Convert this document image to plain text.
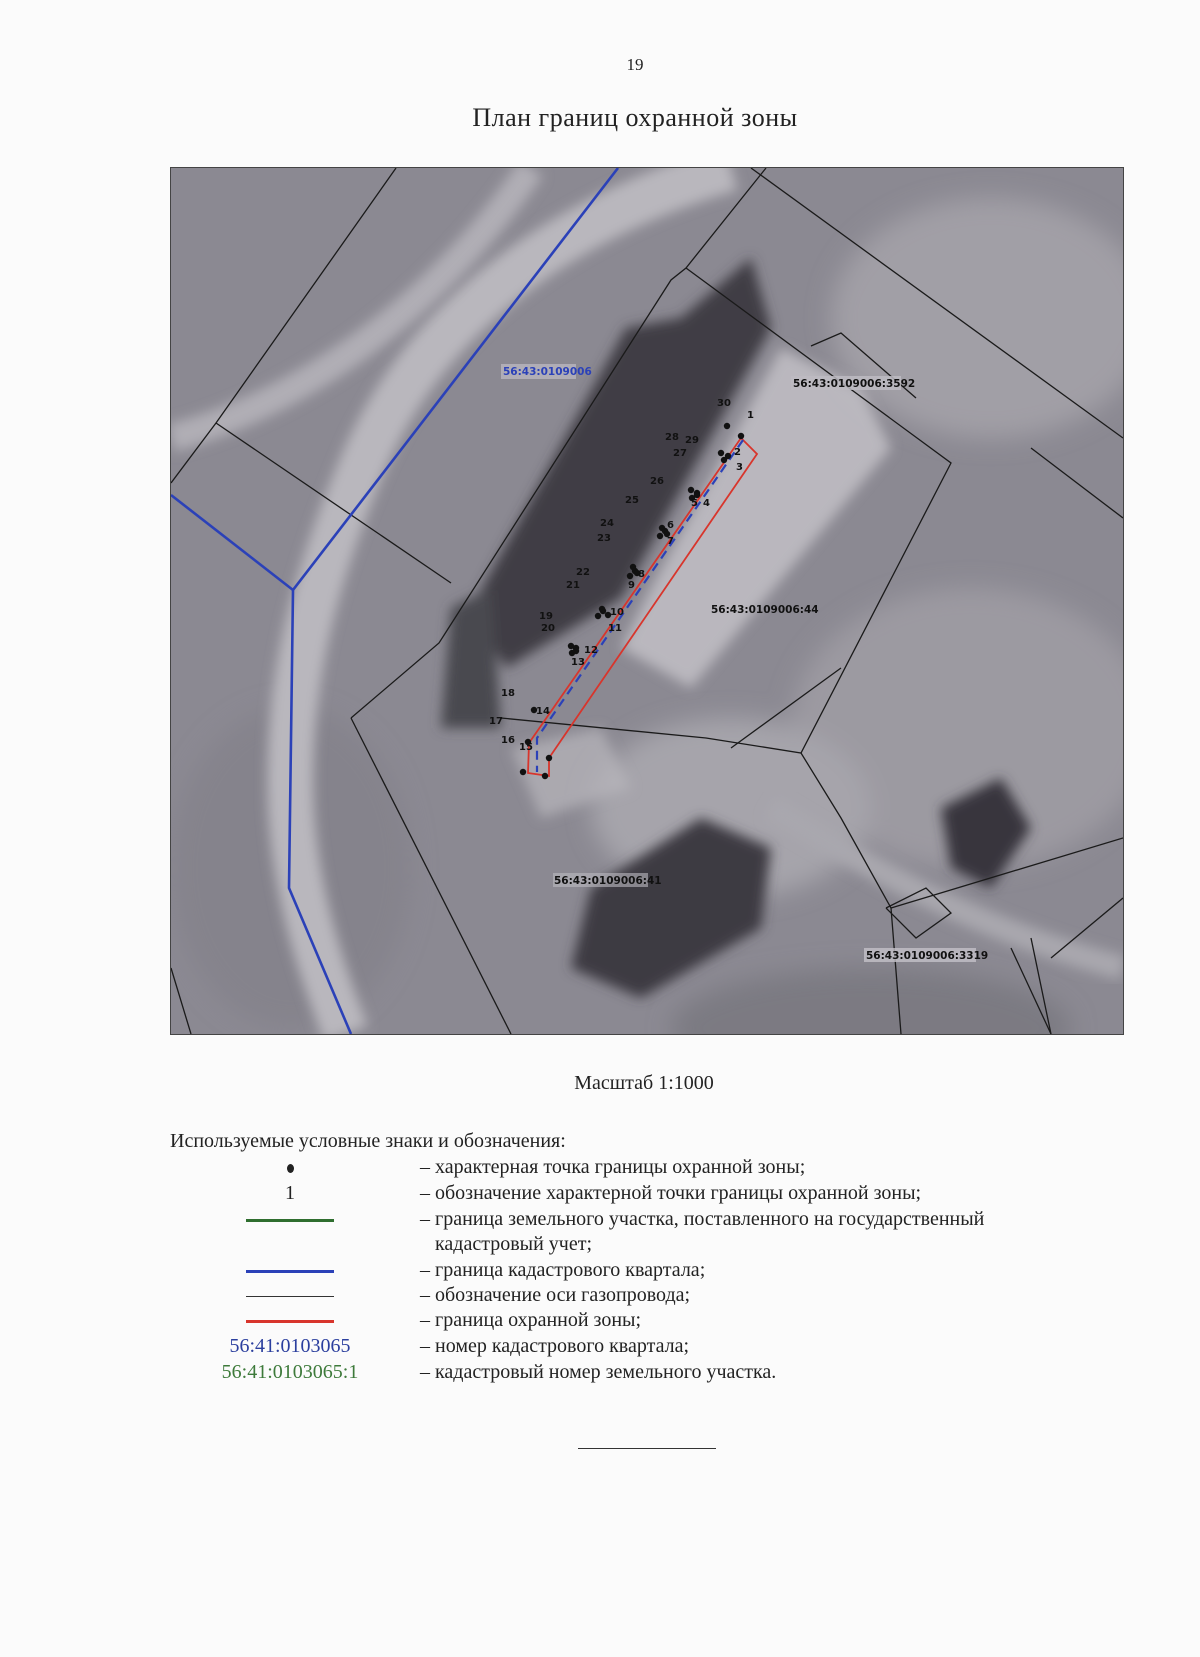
19
План границ охранной зоны
1
2
3
4
5
6
7
8
9
10
11
12
13
14
15
16
17
18
19
20
21
22
23
24
25
26
27
28 29
30
56:43:0109006
56:43:0109006:3592
56:43:0109006:44
56:43:0109006:41
56:43:0109006:3319
Масштаб 1:1000
Используемые условные знаки и обозначения:
– характерная точка границы охранной зоны;
1	– обозначение характерной точки границы охранной зоны;
– граница земельного участка, поставленного на государственный
кадастровый учет;
– граница кадастрового квартала;
– обозначение оси газопровода;
– граница охранной зоны;
56:41:0103065	– номер кадастрового квартала;
56:41:0103065:1	– кадастровый номер земельного участка.
